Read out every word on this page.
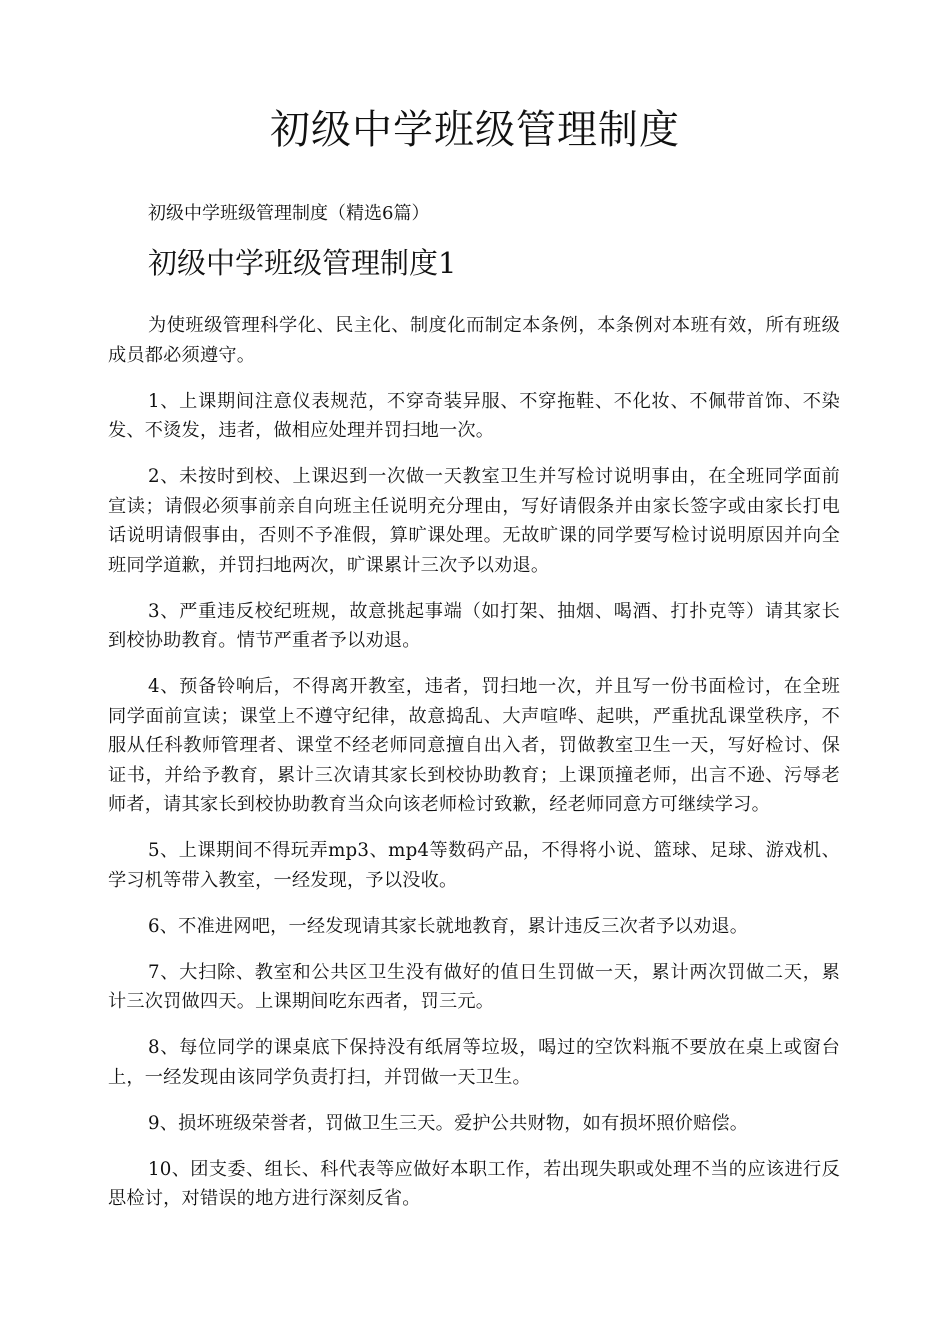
初级中学班级管理制度

初级中学班级管理制度（精选6篇）

初级中学班级管理制度1

为使班级管理科学化、民主化、制度化而制定本条例，本条例对本班有效，所有班级成员都必须遵守。

1、上课期间注意仪表规范，不穿奇装异服、不穿拖鞋、不化妆、不佩带首饰、不染发、不烫发，违者，做相应处理并罚扫地一次。

2、未按时到校、上课迟到一次做一天教室卫生并写检讨说明事由，在全班同学面前宣读；请假必须事前亲自向班主任说明充分理由，写好请假条并由家长签字或由家长打电话说明请假事由，否则不予准假，算旷课处理。无故旷课的同学要写检讨说明原因并向全班同学道歉，并罚扫地两次，旷课累计三次予以劝退。

3、严重违反校纪班规，故意挑起事端（如打架、抽烟、喝酒、打扑克等）请其家长到校协助教育。情节严重者予以劝退。

4、预备铃响后，不得离开教室，违者，罚扫地一次，并且写一份书面检讨，在全班同学面前宣读；课堂上不遵守纪律，故意捣乱、大声喧哗、起哄，严重扰乱课堂秩序，不服从任科教师管理者、课堂不经老师同意擅自出入者，罚做教室卫生一天，写好检讨、保证书，并给予教育，累计三次请其家长到校协助教育；上课顶撞老师，出言不逊、污辱老师者，请其家长到校协助教育当众向该老师检讨致歉，经老师同意方可继续学习。

5、上课期间不得玩弄mp3、mp4等数码产品，不得将小说、篮球、足球、游戏机、学习机等带入教室，一经发现，予以没收。

6、不准进网吧，一经发现请其家长就地教育，累计违反三次者予以劝退。

7、大扫除、教室和公共区卫生没有做好的值日生罚做一天，累计两次罚做二天，累计三次罚做四天。上课期间吃东西者，罚三元。

8、每位同学的课桌底下保持没有纸屑等垃圾，喝过的空饮料瓶不要放在桌上或窗台上，一经发现由该同学负责打扫，并罚做一天卫生。

9、损坏班级荣誉者，罚做卫生三天。爱护公共财物，如有损坏照价赔偿。

10、团支委、组长、科代表等应做好本职工作，若出现失职或处理不当的应该进行反思检讨，对错误的地方进行深刻反省。
